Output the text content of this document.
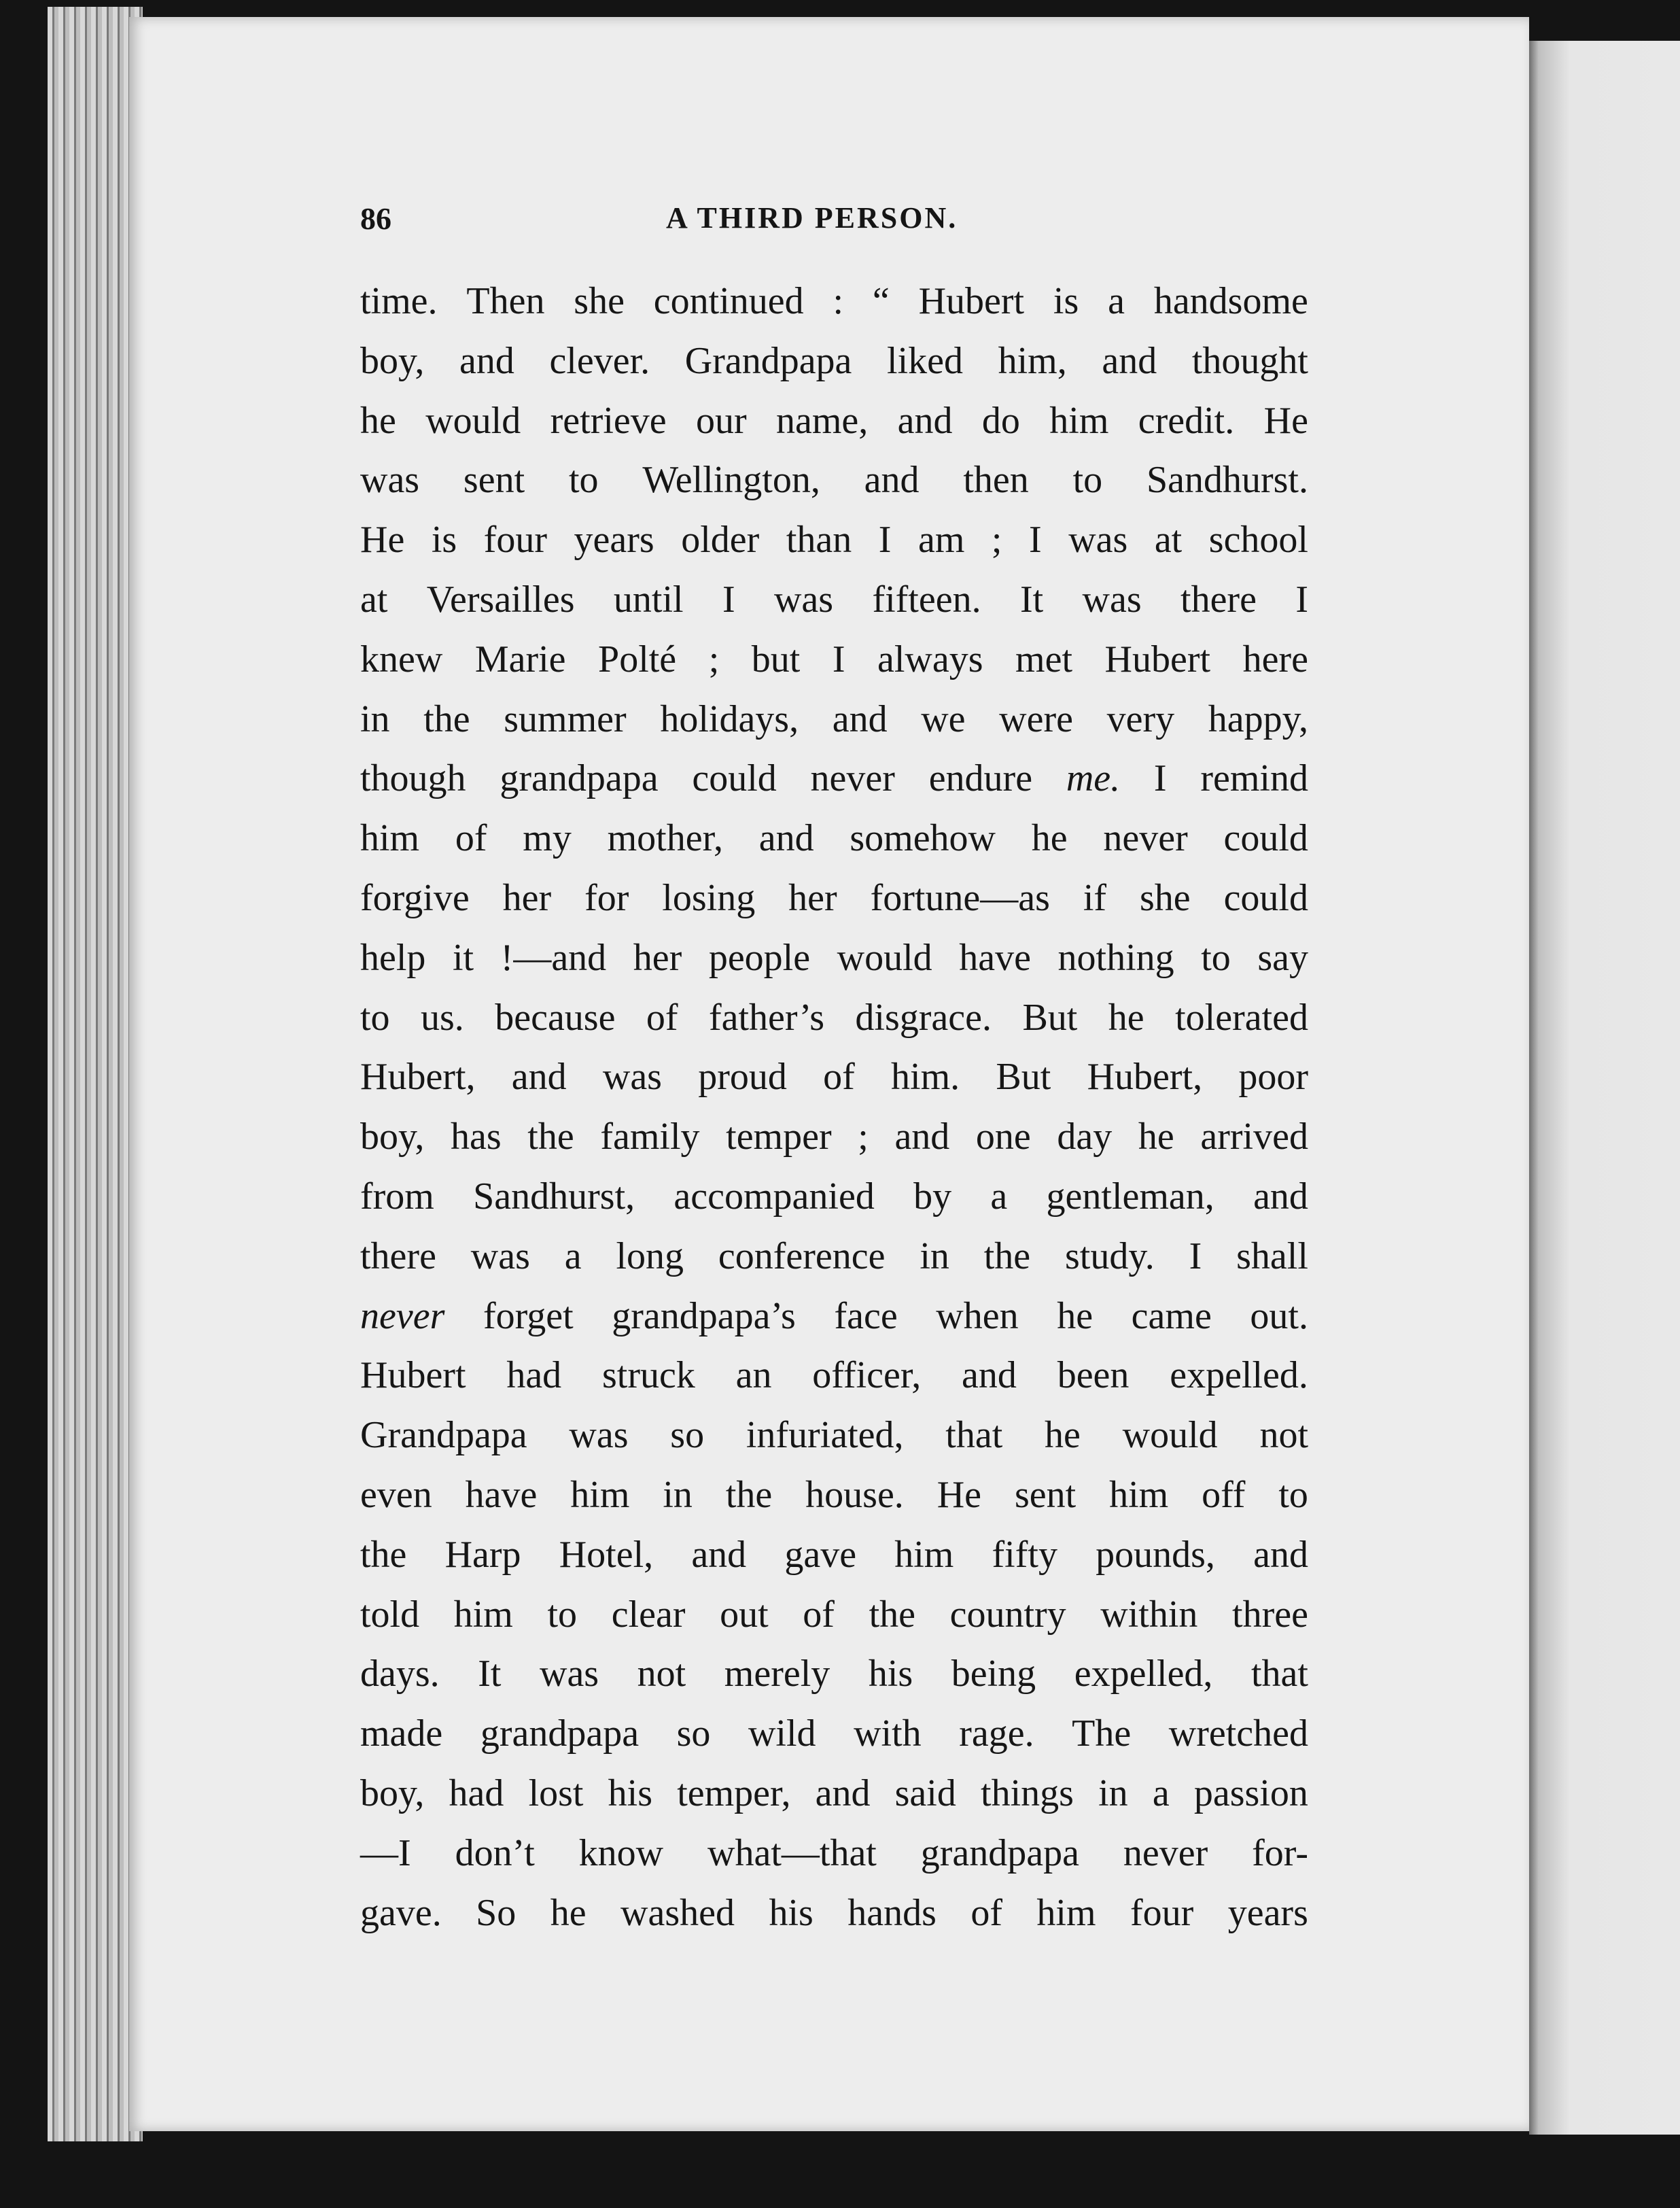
86	A THIRD PERSON.
time. Then she continued : “ Hubert is a handsome
boy, and clever. Grandpapa liked him, and thought
he would retrieve our name, and do him credit. He
was sent to Wellington, and then to Sandhurst.
He is four years older than I am ; I was at school
at Versailles until I was fifteen. It was there I
knew Marie Polté ; but I always met Hubert here
in the summer holidays, and we were very happy,
though grandpapa could never endure me. I remind
him of my mother, and somehow he never could
forgive her for losing her fortune—as if she could
help it !—and her people would have nothing to say
to us. because of father’s disgrace. But he tolerated
Hubert, and was proud of him. But Hubert, poor
boy, has the family temper ; and one day he arrived
from Sandhurst, accompanied by a gentleman, and
there was a long conference in the study. I shall
never forget grandpapa’s face when he came out.
Hubert had struck an officer, and been expelled.
Grandpapa was so infuriated, that he would not
even have him in the house. He sent him off to
the Harp Hotel, and gave him fifty pounds, and
told him to clear out of the country within three
days. It was not merely his being expelled, that
made grandpapa so wild with rage. The wretched
boy, had lost his temper, and said things in a passion
—I don’t know what—that grandpapa never for-
gave. So he washed his hands of him four years
